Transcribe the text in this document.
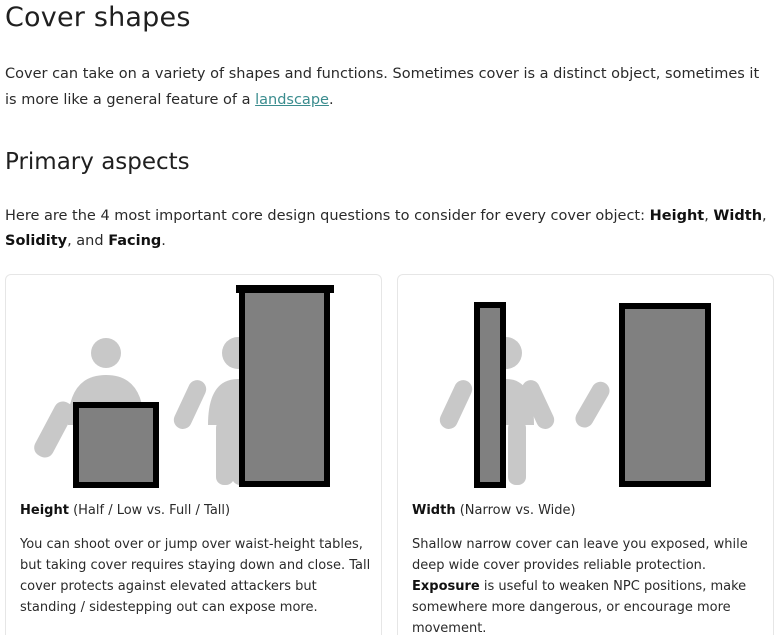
Cover shapes

Cover can take on a variety of shapes and functions. Sometimes cover is a distinct object, sometimes it is more like a general feature of a landscape.

Primary aspects

Here are the 4 most important core design questions to consider for every cover object: Height, Width, Solidity, and Facing.

Height (Half / Low vs. Full / Tall)

You can shoot over or jump over waist-height tables, but taking cover requires staying down and close. Tall cover protects against elevated attackers but standing / sidestepping out can expose more.

Width (Narrow vs. Wide)

Shallow narrow cover can leave you exposed, while deep wide cover provides reliable protection. Exposure is useful to weaken NPC positions, make somewhere more dangerous, or encourage more movement.
